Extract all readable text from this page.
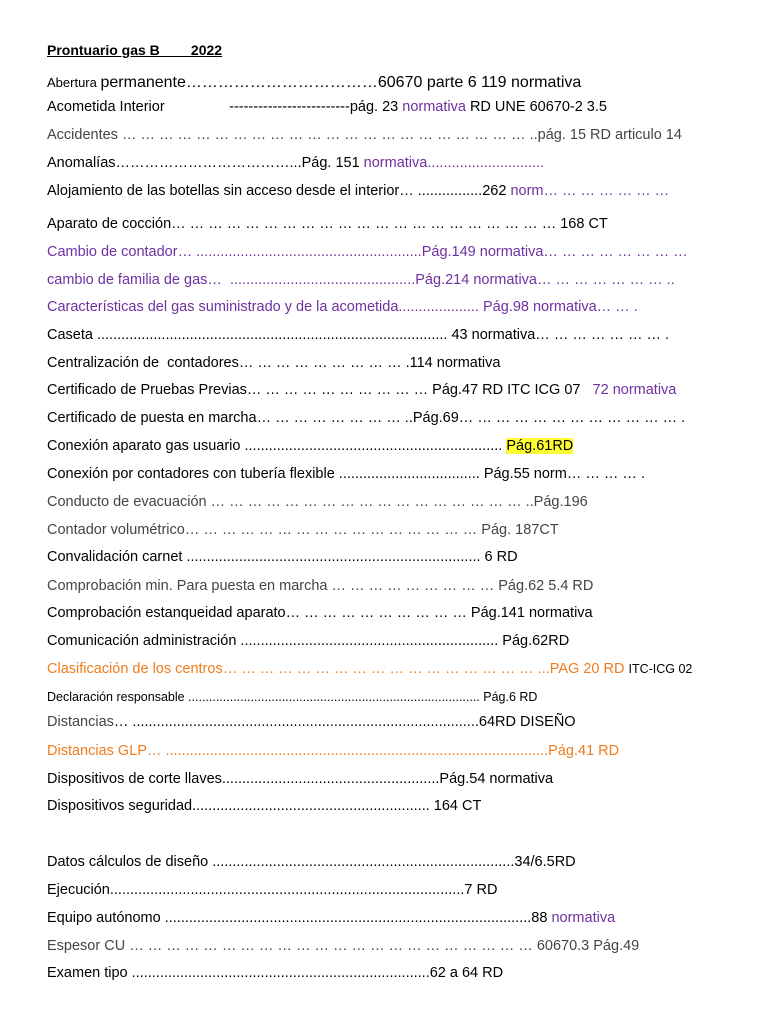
Prontuario gas B        2022
Abertura permanente………………………………60670 parte 6 119 normativa
Acometida Interior                -------------------------pág. 23 normativa RD UNE 60670-2 3.5
Accidentes … … … … … … … … … … … … … … … … … … … … … … ..pág. 15 RD articulo 14
Anomalías………………………………...Pág. 151 normativa.............................
Alojamiento de las botellas sin acceso desde el interior… ................262 norm… … … … … … …
Aparato de cocción… … … … … … … … … … … … … … … … … … … … … 168 CT
Cambio de contador… ........................................................Pág.149 normativa… … … … … … … …
cambio de familia de gas…  ..............................................Pág.214 normativa… … … … … … … ..
Características del gas suministrado y de la acometida.................... Pág.98 normativa… … .
Caseta ....................................................................................... 43 normativa… … … … … … … .
Centralización de  contadores… … … … … … … … … .114 normativa
Certificado de Pruebas Previas… … … … … … … … … … Pág.47 RD ITC ICG 07   72 normativa
Certificado de puesta en marcha… … … … … … … … ..Pág.69… … … … … … … … … … … … .
Conexión aparato gas usuario ................................................................ Pág.61RD
Conexión por contadores con tubería flexible ................................... Pág.55 norm… … … … .
Conducto de evacuación … … … … … … … … … … … … … … … … … ..Pág.196
Contador volumétrico… … … … … … … … … … … … … … … … Pág. 187CT
Convalidación carnet ......................................................................... 6 RD
Comprobación min. Para puesta en marcha … … … … … … … … … Pág.62 5.4 RD
Comprobación estanqueidad aparato… … … … … … … … … … Pág.141 normativa
Comunicación administración ................................................................ Pág.62RD
Clasificación de los centros… … … … … … … … … … … … … … … … … ...PAG 20 RD ITC-ICG 02
Declaración responsable .................................................................................... Pág.6 RD
Distancias… ......................................................................................64RD DISEÑO
Distancias GLP… ...............................................................................................Pág.41 RD
Dispositivos de corte llaves......................................................Pág.54 normativa
Dispositivos seguridad........................................................... 164 CT
Datos cálculos de diseño ...........................................................................34/6.5RD
Ejecución........................................................................................7 RD
Equipo autónomo ...........................................................................................88 normativa
Espesor CU … … … … … … … … … … … … … … … … … … … … … … 60670.3 Pág.49
Examen tipo ..........................................................................62 a 64 RD
